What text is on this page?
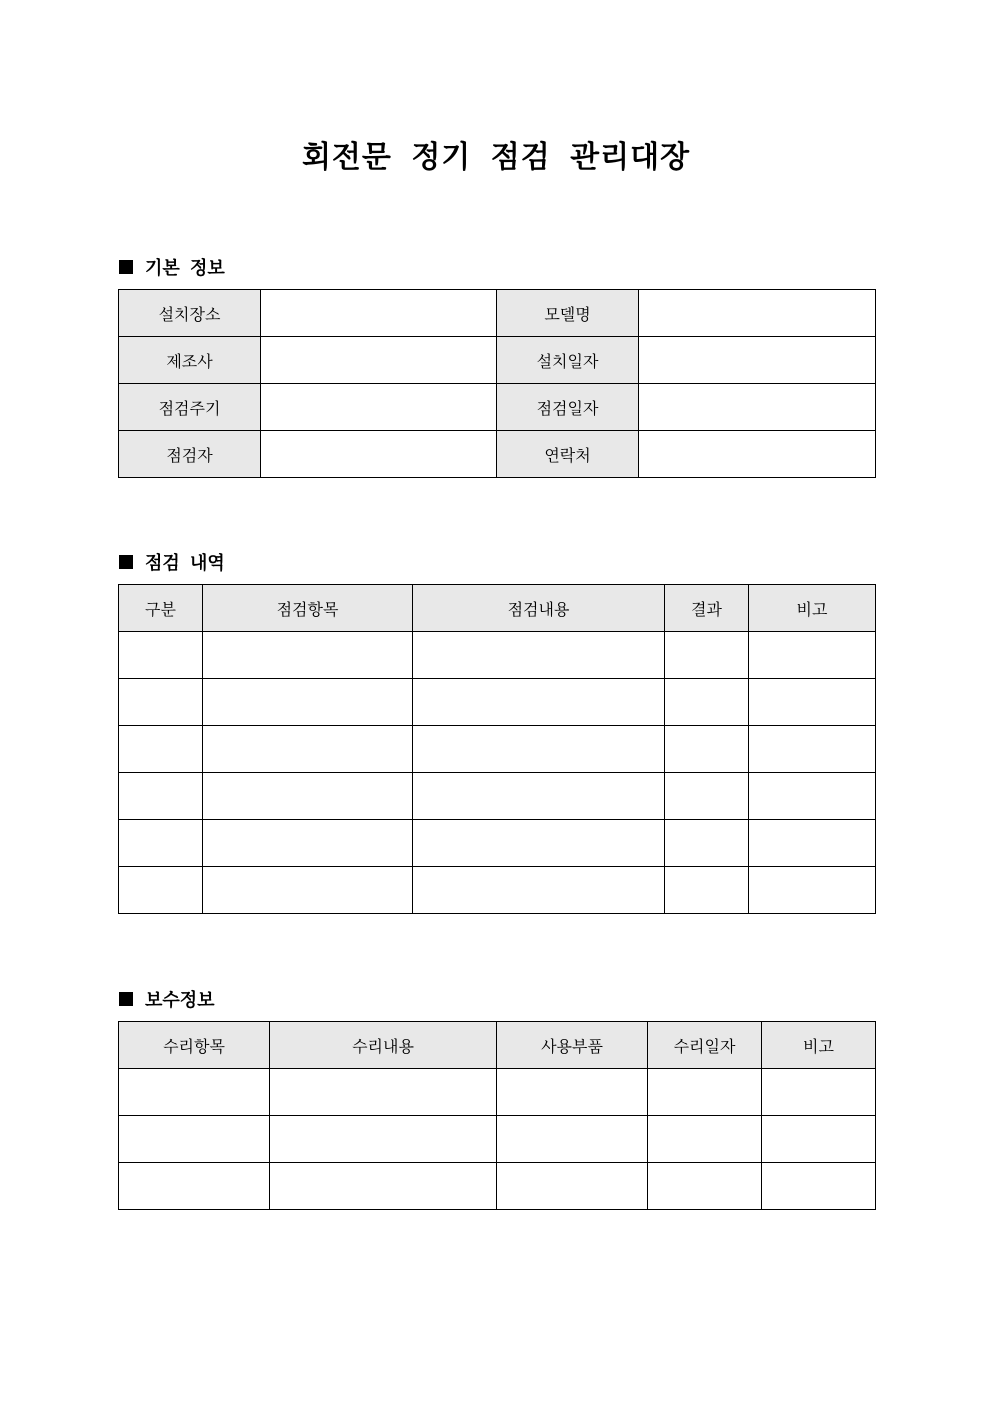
회전문 정기 점검 관리대장
기본 정보
설치장소		모델명	
제조사		설치일자	
점검주기		점검일자	
점검자		연락처	
점검 내역
구분	점검항목	점검내용	결과	비고

보수정보
수리항목	수리내용	사용부품	수리일자	비고
